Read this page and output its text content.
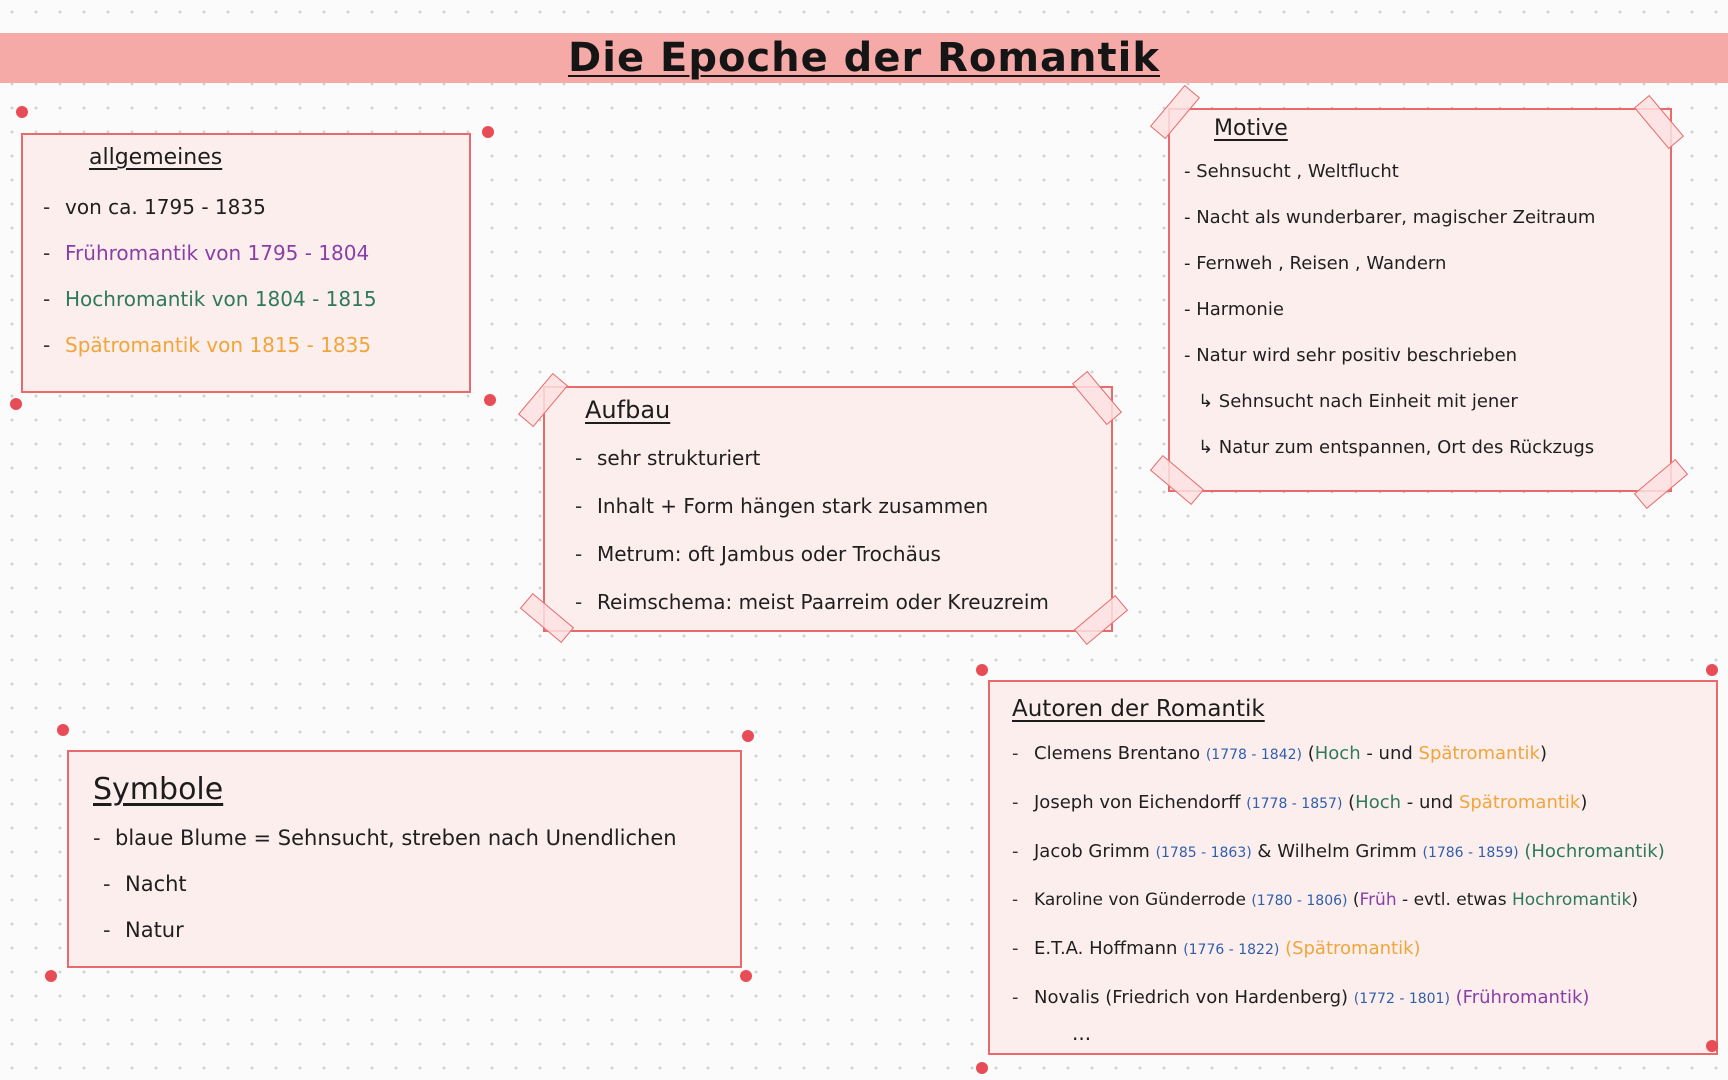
Die Epoche der Romantik
allgemeines
- von ca. 1795 - 1835
- Frühromantik von 1795 - 1804
- Hochromantik von 1804 - 1815
- Spätromantik von 1815 - 1835
Aufbau
- sehr strukturiert
- Inhalt + Form hängen stark zusammen
- Metrum: oft Jambus oder Trochäus
- Reimschema: meist Paarreim oder Kreuzreim
Motive
- Sehnsucht , Weltflucht
- Nacht als wunderbarer, magischer Zeitraum
- Fernweh , Reisen , Wandern
- Harmonie
- Natur wird sehr positiv beschrieben
↳ Sehnsucht nach Einheit mit jener
↳ Natur zum entspannen, Ort des Rückzugs
Symbole
- blaue Blume = Sehnsucht, streben nach Unendlichen
- Nacht
- Natur
Autoren der Romantik
- Clemens Brentano (1778 - 1842) (Hoch - und Spätromantik)
- Joseph von Eichendorff (1778 - 1857) (Hoch - und Spätromantik)
- Jacob Grimm (1785 - 1863) & Wilhelm Grimm (1786 - 1859) (Hochromantik)
- Karoline von Günderrode (1780 - 1806) (Früh - evtl. etwas Hochromantik)
- E.T.A. Hoffmann (1776 - 1822) (Spätromantik)
- Novalis (Friedrich von Hardenberg) (1772 - 1801) (Frühromantik)
...
